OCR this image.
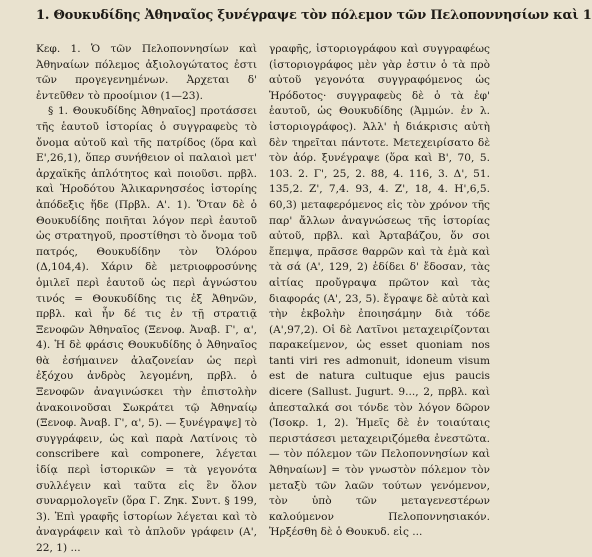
1. Θουκυδίδης Ἀθηναῖος ξυνέγραψε τὸν πόλεμον τῶν Πελοποννησίων καὶ 1

Κεφ. 1. Ὁ τῶν Πελοποννησίων καὶ Ἀθηναίων πόλεμος ἀξιολογώτατος ἐστι τῶν προγεγενημένων. Ἀρχεται δ' ἐντεῦθεν τὸ προοίμιον (1—23).

§ 1. Θουκυδίδης Ἀθηναῖος] προτάσσει τῆς ἑαυτοῦ ἱστορίας ὁ συγγραφεὺς τὸ ὄνομα αὐτοῦ καὶ τῆς πατρίδος (ὅρα καὶ Ε',26,1), ὅπερ συνήθειον οἱ παλαιοὶ μετ' ἀρχαϊκῆς ἁπλότητος καὶ ποιοῦσι. πρβλ. καὶ Ἡροδότου Ἁλικαρνησσέος ἱστορίης ἀπόδεξις ἥδε (Πρβλ. Α'. 1). Ὅταν δὲ ὁ Θουκυδίδης ποιῆται λόγον περὶ ἑαυτοῦ ὡς στρατηγοῦ, προστίθησι τὸ ὄνομα τοῦ πατρός, Θουκυδίδην τὸν Ὀλόρου (Δ,104,4). Χάριν δὲ μετριοφροσύνης ὁμιλεῖ περὶ ἑαυτοῦ ὡς περὶ ἀγνώστου τινός = Θουκυδίδης τις ἐξ Ἀθηνῶν, πρβλ. καὶ ἦν δέ τις ἐν τῇ στρατιᾷ Ξενοφῶν Ἀθηναῖος (Ξενοφ. Ἀναβ. Γ', α', 4). Ἡ δὲ φράσις Θουκυδίδης ὁ Ἀθηναῖος θὰ ἐσήμαινεν ἀλαζονείαν ὡς περὶ ἐξόχου ἀνδρὸς λεγομένη, πρβλ. ὁ Ξενοφῶν ἀναγινώσκει τὴν ἐπιστολὴν ἀνακοινοῦσαι Σωκράτει τῷ Ἀθηναίῳ (Ξενοφ. Ἀναβ. Γ', α', 5). — ξυνέγραψε] τὸ συγγράφειν, ὡς καὶ παρὰ Λατίνοις τὸ conscribere καὶ componere, λέγεται ἰδίᾳ περὶ ἱστορικῶν = τὰ γεγονότα συλλέγειν καὶ ταῦτα εἰς ἓν ὅλον συναρμολογεῖν (ὅρα Γ. Ζηκ. Συντ. § 199, 3). Ἐπὶ γραφῆς ἱστορίων λέγεται καὶ τὸ ἀναγράφειν καὶ τὸ ἁπλοῦν γράφειν (Α', 22, 1) ...

γραφῆς, ἱστοριογράφου καὶ συγγραφέως (ἱστοριογράφος μὲν γὰρ ἐστιν ὁ τὰ πρὸ αὐτοῦ γεγονότα συγγραφόμενος ὡς Ἡρόδοτος· συγγραφεὺς δὲ ὁ τὰ ἐφ' ἑαυτοῦ, ὡς Θουκυδίδης (Ἀμμών. ἐν λ. ἱστοριογράφος). Ἀλλ' ἡ διάκρισις αὐτὴ δὲν τηρεῖται πάντοτε. Μετεχειρίσατο δὲ τὸν ἀόρ. ξυνέγραψε (ὅρα καὶ Β', 70, 5. 103. 2. Γ', 25, 2. 88, 4. 116, 3. Δ', 51. 135,2. Ζ', 7,4. 93, 4. Ζ', 18, 4. Η',6,5. 60,3) μεταφερόμενος εἰς τὸν χρόνον τῆς παρ' ἄλλων ἀναγνώσεως τῆς ἱστορίας αὐτοῦ, πρβλ. καὶ Ἀρταβάζου, ὅν σοι ἔπεμψα, πρᾶσσε θαρρῶν καὶ τὰ ἐμὰ καὶ τὰ σά (Α', 129, 2) ἐδίδει δ' ἔδοσαν, τὰς αἰτίας προὔγραψα πρῶτον καὶ τὰς διαφοράς (Α', 23, 5). ἔγραψε δὲ αὐτὰ καὶ τὴν ἐκβολὴν ἐποιησάμην διὰ τόδε (Α',97,2). Οἱ δὲ Λατῖνοι μεταχειρίζονται παρακείμενον, ὡς esset quoniam nos tanti viri res admonuit, idoneum visum est de natura cultuque ejus paucis dicere (Sallust. Jugurt. 9..., 2, πρβλ. καὶ ἀπεσταλκά σοι τόνδε τὸν λόγον δῶρον (Ἰσοκρ. 1, 2). Ἡμεῖς δὲ ἐν τοιαύταις περιστάσεσι μεταχειριζόμεθα ἐνεστῶτα. — τὸν πόλεμον τῶν Πελοποννησίων καὶ Ἀθηναίων] = τὸν γνωστὸν πόλεμον τὸν μεταξὺ τῶν λαῶν τούτων γενόμενον, τὸν ὑπὸ τῶν μεταγενεστέρων καλούμενον Πελοποννησιακόν. Ἠρξέσθη δὲ ὁ Θουκυδ. εἰς ...
